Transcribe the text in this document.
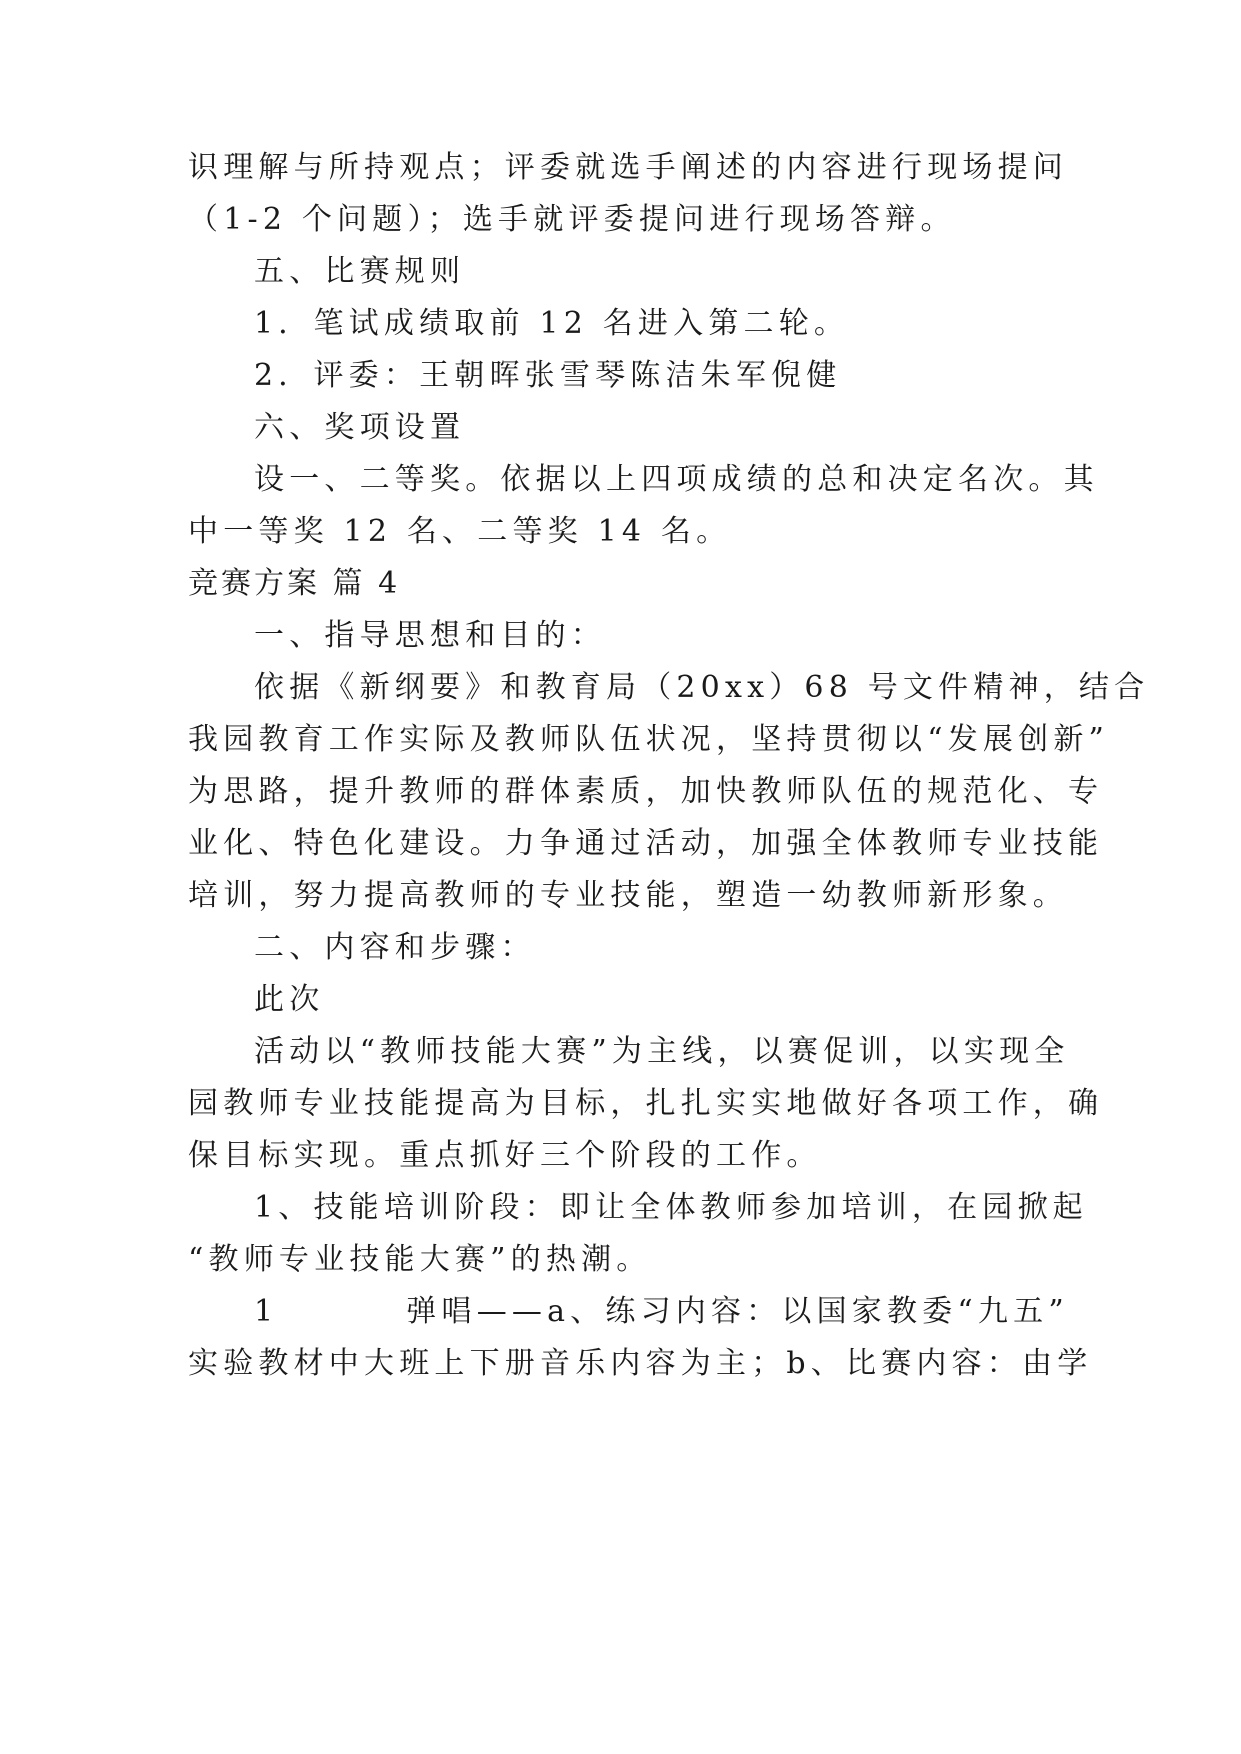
识理解与所持观点；评委就选手阐述的内容进行现场提问

（1-2 个问题）；选手就评委提问进行现场答辩。

五、比赛规则

1．笔试成绩取前 12 名进入第二轮。

2．评委：王朝晖张雪琴陈洁朱军倪健

六、奖项设置

设一、二等奖。依据以上四项成绩的总和决定名次。其

中一等奖 12 名、二等奖 14 名。

竞赛方案 篇 4

一、指导思想和目的：

依据《新纲要》和教育局（20xx）68 号文件精神，结合

我园教育工作实际及教师队伍状况，坚持贯彻以“发展创新”

为思路，提升教师的群体素质，加快教师队伍的规范化、专

业化、特色化建设。力争通过活动，加强全体教师专业技能

培训，努力提高教师的专业技能，塑造一幼教师新形象。

二、内容和步骤：

此次

活动以“教师技能大赛”为主线，以赛促训，以实现全

园教师专业技能提高为目标，扎扎实实地做好各项工作，确

保目标实现。重点抓好三个阶段的工作。

1、技能培训阶段：即让全体教师参加培训，在园掀起

“教师专业技能大赛”的热潮。

1	弹唱——a、练习内容：以国家教委“九五”

实验教材中大班上下册音乐内容为主；b、比赛内容：由学
